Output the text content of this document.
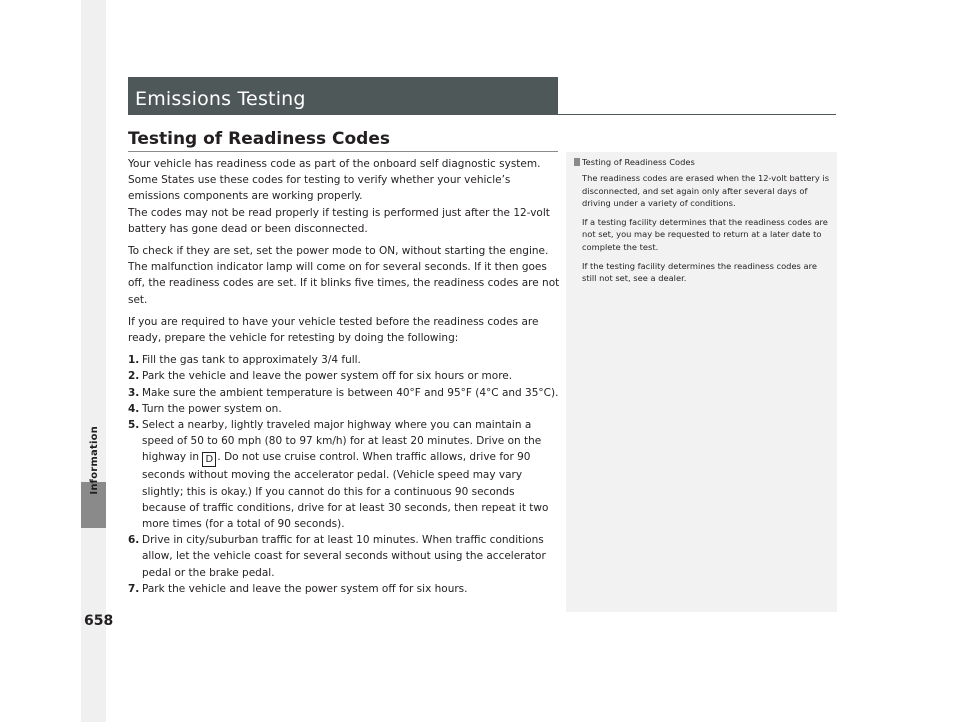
Information
658
Emissions Testing
Testing of Readiness Codes

Your vehicle has readiness code as part of the onboard self diagnostic system. Some States use these codes for testing to verify whether your vehicle’s emissions components are working properly.

The codes may not be read properly if testing is performed just after the 12-volt battery has gone dead or been disconnected.

To check if they are set, set the power mode to ON, without starting the engine. The malfunction indicator lamp will come on for several seconds. If it then goes off, the readiness codes are set. If it blinks five times, the readiness codes are not set.

If you are required to have your vehicle tested before the readiness codes are ready, prepare the vehicle for retesting by doing the following:

1. Fill the gas tank to approximately 3/4 full.
2. Park the vehicle and leave the power system off for six hours or more.
3. Make sure the ambient temperature is between 40°F and 95°F (4°C and 35°C).
4. Turn the power system on.
5. Select a nearby, lightly traveled major highway where you can maintain a speed of 50 to 60 mph (80 to 97 km/h) for at least 20 minutes. Drive on the highway in D . Do not use cruise control. When traffic allows, drive for 90 seconds without moving the accelerator pedal. (Vehicle speed may vary slightly; this is okay.) If you cannot do this for a continuous 90 seconds because of traffic conditions, drive for at least 30 seconds, then repeat it two more times (for a total of 90 seconds).
6. Drive in city/suburban traffic for at least 10 minutes. When traffic conditions allow, let the vehicle coast for several seconds without using the accelerator pedal or the brake pedal.
7. Park the vehicle and leave the power system off for six hours.
Testing of Readiness Codes

The readiness codes are erased when the 12-volt battery is disconnected, and set again only after several days of driving under a variety of conditions.

If a testing facility determines that the readiness codes are not set, you may be requested to return at a later date to complete the test.

If the testing facility determines the readiness codes are still not set, see a dealer.
